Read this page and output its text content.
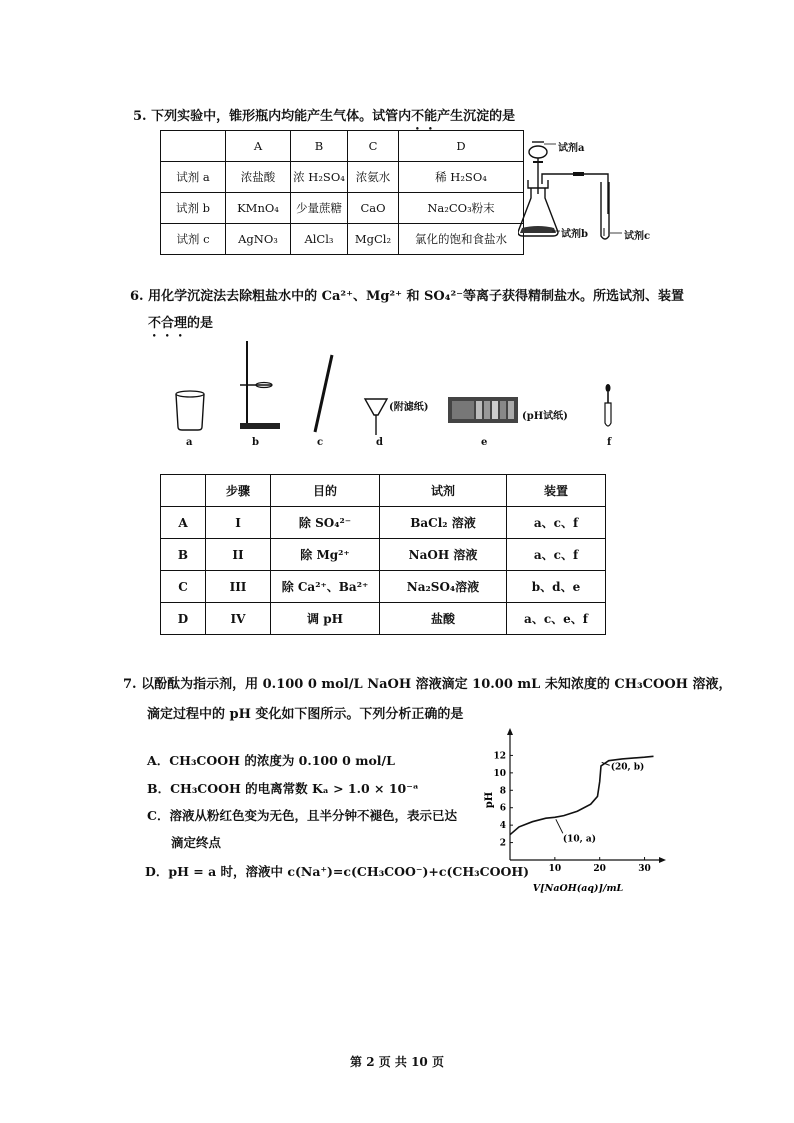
5. 下列实验中，锥形瓶内均能产生气体。试管内不能产生沉淀的是
	A	B	C	D
试剂 a	浓盐酸	浓 H₂SO₄	浓氨水	稀 H₂SO₄
试剂 b	KMnO₄	少量蔗糖	CaO	Na₂CO₃粉末
试剂 c	AgNO₃	AlCl₃	MgCl₂	氯化的饱和食盐水
试剂a
试剂b	试剂c
6. 用化学沉淀法去除粗盐水中的 Ca²⁺、Mg²⁺ 和 SO₄²⁻等离子获得精制盐水。所选试剂、装置
不合理的是
(附滤纸)
(pH试纸)
a	b	c	d	e	f
	步骤	目的	试剂	装置
A	I	除 SO₄²⁻	BaCl₂ 溶液	a、c、f
B	II	除 Mg²⁺	NaOH 溶液	a、c、f
C	III	除 Ca²⁺、Ba²⁺	Na₂SO₄溶液	b、d、e
D	IV	调 pH	盐酸	a、c、e、f
7. 以酚酞为指示剂，用 0.100 0 mol/L NaOH 溶液滴定 10.00 mL 未知浓度的 CH₃COOH 溶液，
滴定过程中的 pH 变化如下图所示。下列分析正确的是
A．CH₃COOH 的浓度为 0.100 0 mol/L
B．CH₃COOH 的电离常数 Kₐ > 1.0 × 10⁻ᵃ
C．溶液从粉红色变为无色，且半分钟不褪色，表示已达
滴定终点
D．pH = a 时，溶液中 c(Na⁺)=c(CH₃COO⁻)+c(CH₃COOH) 10	20	30
2
4
6
8
10
12
(10, a)
(20, b)
V[NaOH(aq)]/mL
pH
第 2 页 共 10 页
